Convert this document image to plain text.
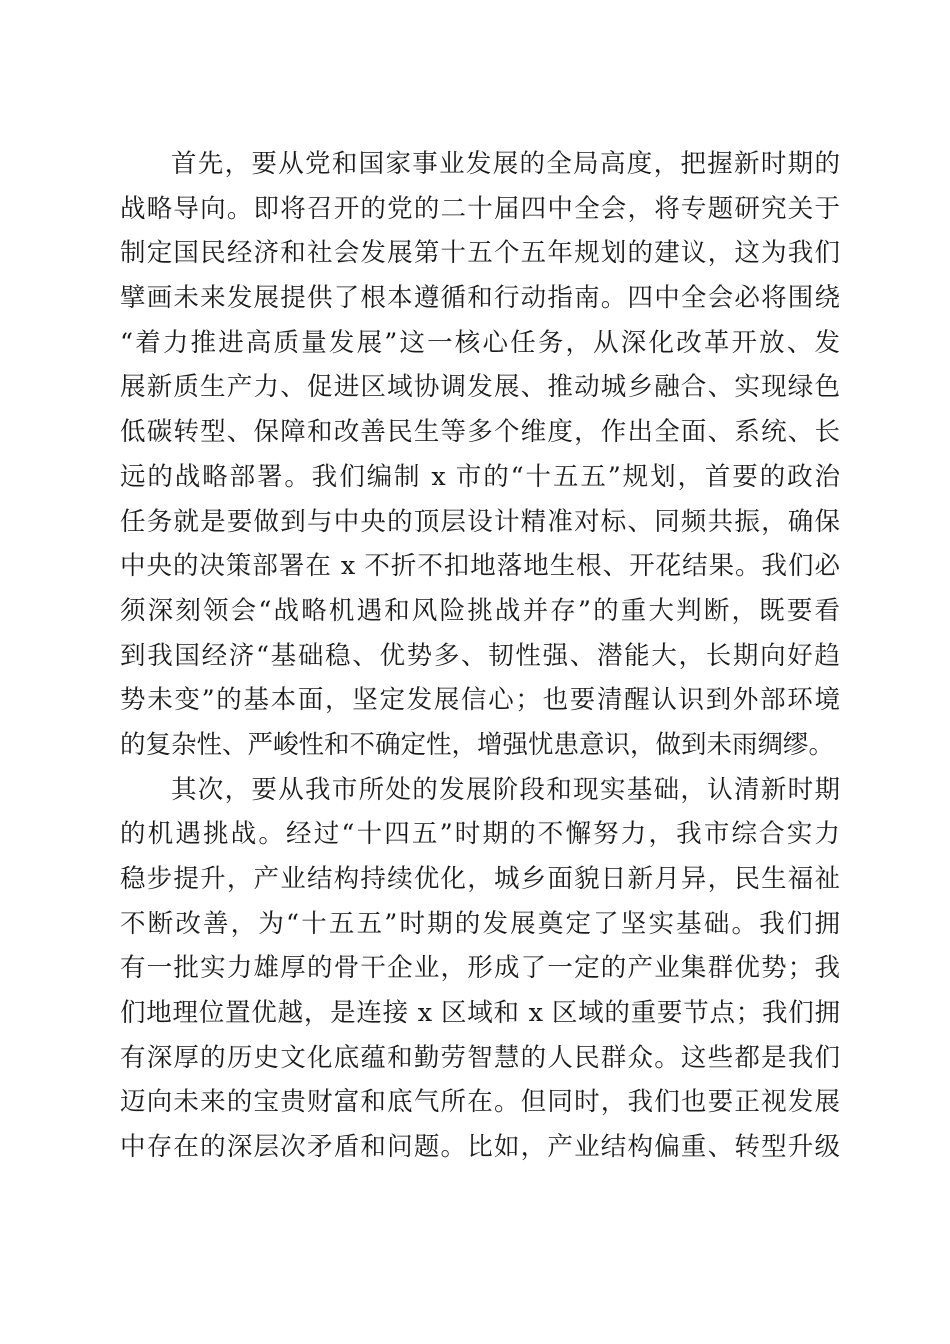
首先，要从党和国家事业发展的全局高度，把握新时期的
战略导向。即将召开的党的二十届四中全会，将专题研究关于
制定国民经济和社会发展第十五个五年规划的建议，这为我们
擘画未来发展提供了根本遵循和行动指南。四中全会必将围绕
“着力推进高质量发展”这一核心任务，从深化改革开放、发
展新质生产力、促进区域协调发展、推动城乡融合、实现绿色
低碳转型、保障和改善民生等多个维度，作出全面、系统、长
远的战略部署。我们编制 x 市的“十五五”规划，首要的政治
任务就是要做到与中央的顶层设计精准对标、同频共振，确保
中央的决策部署在 x 不折不扣地落地生根、开花结果。我们必
须深刻领会“战略机遇和风险挑战并存”的重大判断，既要看
到我国经济“基础稳、优势多、韧性强、潜能大，长期向好趋
势未变”的基本面，坚定发展信心；也要清醒认识到外部环境
的复杂性、严峻性和不确定性，增强忧患意识，做到未雨绸缪。
其次，要从我市所处的发展阶段和现实基础，认清新时期
的机遇挑战。经过“十四五”时期的不懈努力，我市综合实力
稳步提升，产业结构持续优化，城乡面貌日新月异，民生福祉
不断改善，为“十五五”时期的发展奠定了坚实基础。我们拥
有一批实力雄厚的骨干企业，形成了一定的产业集群优势；我
们地理位置优越，是连接 x 区域和 x 区域的重要节点；我们拥
有深厚的历史文化底蕴和勤劳智慧的人民群众。这些都是我们
迈向未来的宝贵财富和底气所在。但同时，我们也要正视发展
中存在的深层次矛盾和问题。比如，产业结构偏重、转型升级
